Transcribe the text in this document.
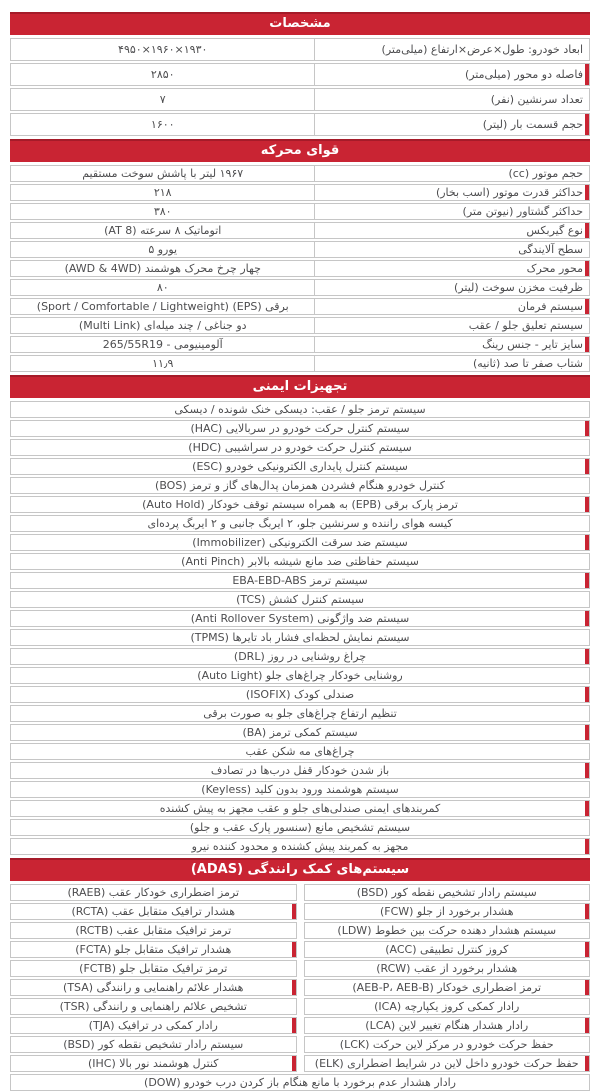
مشخصات
ابعاد خودرو: طول×عرض×ارتفاع (میلی‌متر)
۴۹۵۰×۱۹۶۰×۱۹۳۰
فاصله دو محور (میلی‌متر)
۲۸۵۰
تعداد سرنشین (نفر)
۷
حجم قسمت بار (لیتر)
۱۶۰۰
قوای محرکه
حجم موتور (cc)
۱۹۶۷ لیتر با پاشش سوخت مستقیم
حداکثر قدرت موتور (اسب بخار)
۲۱۸
حداکثر گشتاور (نیوتن متر)
۳۸۰
نوع گیربکس
اتوماتیک ۸ سرعته (8 AT)
سطح آلایندگی
یورو ۵
محور محرک
چهار چرخ محرک هوشمند (AWD & 4WD)
ظرفیت مخزن سوخت (لیتر)
۸۰
سیستم فرمان
برقی (EPS) (Sport / Comfortable / Lightweight)
سیستم تعلیق جلو / عقب
دو جناغی / چند میله‌ای (Multi Link)
سایز تایر - جنس رینگ
265/55R19 - آلومینیومی
شتاب صفر تا صد (ثانیه)
۱۱٫۹
تجهیزات ایمنی
سیستم ترمز جلو / عقب: دیسکی خنک شونده / دیسکی
سیستم کنترل حرکت خودرو در سربالایی (HAC)
سیستم کنترل حرکت خودرو در سراشیبی (HDC)
سیستم کنترل پایداری الکترونیکی خودرو (ESC)
کنترل خودرو هنگام فشردن همزمان پدال‌های گاز و ترمز (BOS)
ترمز پارک برقی (EPB) به همراه سیستم توقف خودکار (Auto Hold)
کیسه هوای راننده و سرنشین جلو، ۲ ایربگ جانبی و ۲ ایربگ پرده‌ای
سیستم ضد سرقت الکترونیکی (Immobilizer)
سیستم حفاظتی ضد مانع شیشه بالابر (Anti Pinch)
سیستم ترمز EBA-EBD-ABS
سیستم کنترل کشش (TCS)
سیستم ضد واژگونی (Anti Rollover System)
سیستم نمایش لحظه‌ای فشار باد تایرها (TPMS)
چراغ روشنایی در روز (DRL)
روشنایی خودکار چراغ‌های جلو (Auto Light)
صندلی کودک (ISOFIX)
تنظیم ارتفاع چراغ‌های جلو به صورت برقی
سیستم کمکی ترمز (BA)
چراغ‌های مه شکن عقب
باز شدن خودکار قفل درب‌ها در تصادف
سیستم هوشمند ورود بدون کلید (Keyless)
کمربندهای ایمنی صندلی‌های جلو و عقب مجهز به پیش کشنده
سیستم تشخیص مانع (سنسور پارک عقب و جلو)
مجهز به کمربند پیش کشنده و محدود کننده نیرو
سیستم‌های کمک رانندگی (ADAS)
سیستم رادار تشخیص نقطه کور (BSD)
هشدار برخورد از جلو (FCW)
سیستم هشدار دهنده حرکت بین خطوط (LDW)
کروز کنترل تطبیقی (ACC)
هشدار برخورد از عقب (RCW)
ترمز اضطراری خودکار (‎AEB-P، AEB-B‎)
رادار کمکی کروز یکپارچه (ICA)
رادار هشدار هنگام تغییر لاین (LCA)
حفظ حرکت خودرو در مرکز لاین حرکت (LCK)
حفظ حرکت خودرو داخل لاین در شرایط اضطراری (ELK)
ترمز اضطراری خودکار عقب (RAEB)
هشدار ترافیک متقابل عقب (RCTA)
ترمز ترافیک متقابل عقب (RCTB)
هشدار ترافیک متقابل جلو (FCTA)
ترمز ترافیک متقابل جلو (FCTB)
هشدار علائم راهنمایی و رانندگی (TSA)
تشخیص علائم راهنمایی و رانندگی (TSR)
رادار کمکی در ترافیک (TJA)
سیستم رادار تشخیص نقطه کور (BSD)
کنترل هوشمند نور بالا (IHC)
رادار هشدار عدم برخورد با مانع هنگام باز کردن درب خودرو (DOW)
